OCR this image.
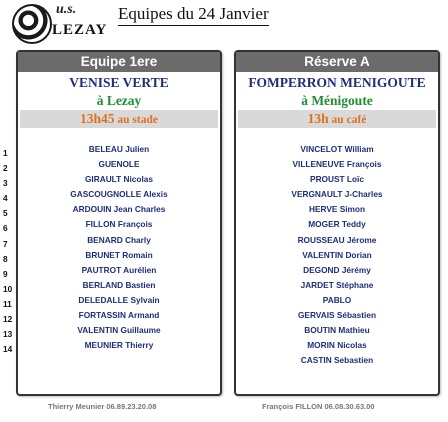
u.s.
LEZAY
Equipes du 24 Janvier
1
2
3
4
5
6
7
8
9
10
11
12
13
14
Equipe 1ere
VENISE VERTE
à Lezay
13h45 au stade
BELEAU Julien
GUENOLE
GIRAULT Nicolas
GASCOUGNOLLE Alexis
ARDOUIN Jean Charles
FILLON François
BENARD Charly
BRUNET Romain
PAUTROT Aurélien
BERLAND Bastien
DELEDALLE Sylvain
FORTASSIN Armand
VALENTIN Guillaume
MEUNIER Thierry
Réserve A
FOMPERRON MENIGOUTE
à Ménigoute
13h au café
VINCELOT William
VILLENEUVE François
PROUST Loïc
VERGNAULT J-Charles
HERVE Simon
MOGER Teddy
ROUSSEAU Jérome
VALENTIN Dorian
DEGOND Jérémy
JARDET Stéphane
PABLO
GERVAIS Sébastien
BOUTIN Mathieu
MORIN Nicolas
CASTIN Sebastien
Thierry Meunier 06.89.23.20.08	François FILLON 06.08.30.63.00
